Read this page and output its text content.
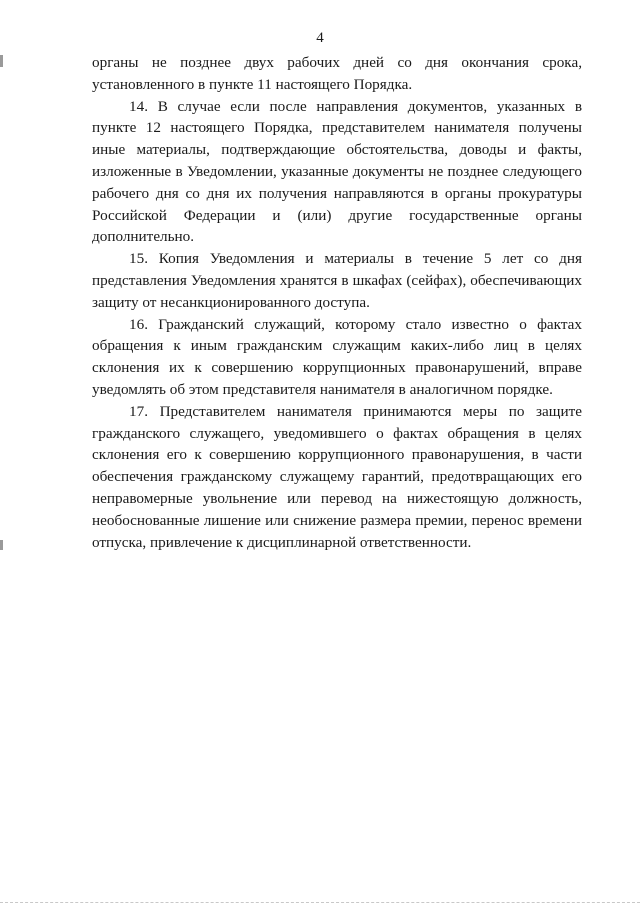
4

органы не позднее двух рабочих дней со дня окончания срока, установленного в пункте 11 настоящего Порядка.

14. В случае если после направления документов, указанных в пункте 12 настоящего Порядка, представителем нанимателя получены иные материалы, подтверждающие обстоятельства, доводы и факты, изложенные в Уведомлении, указанные документы не позднее следующего рабочего дня со дня их получения направляются в органы прокуратуры Российской Федерации и (или) другие государственные органы дополнительно.

15. Копия Уведомления и материалы в течение 5 лет со дня представления Уведомления хранятся в шкафах (сейфах), обеспечивающих защиту от несанкционированного доступа.

16. Гражданский служащий, которому стало известно о фактах обращения к иным гражданским служащим каких-либо лиц в целях склонения их к совершению коррупционных правонарушений, вправе уведомлять об этом представителя нанимателя в аналогичном порядке.

17. Представителем нанимателя принимаются меры по защите гражданского служащего, уведомившего о фактах обращения в целях склонения его к совершению коррупционного правонарушения, в части обеспечения гражданскому служащему гарантий, предотвращающих его неправомерные увольнение или перевод на нижестоящую должность, необоснованные лишение или снижение размера премии, перенос времени отпуска, привлечение к дисциплинарной ответственности.
